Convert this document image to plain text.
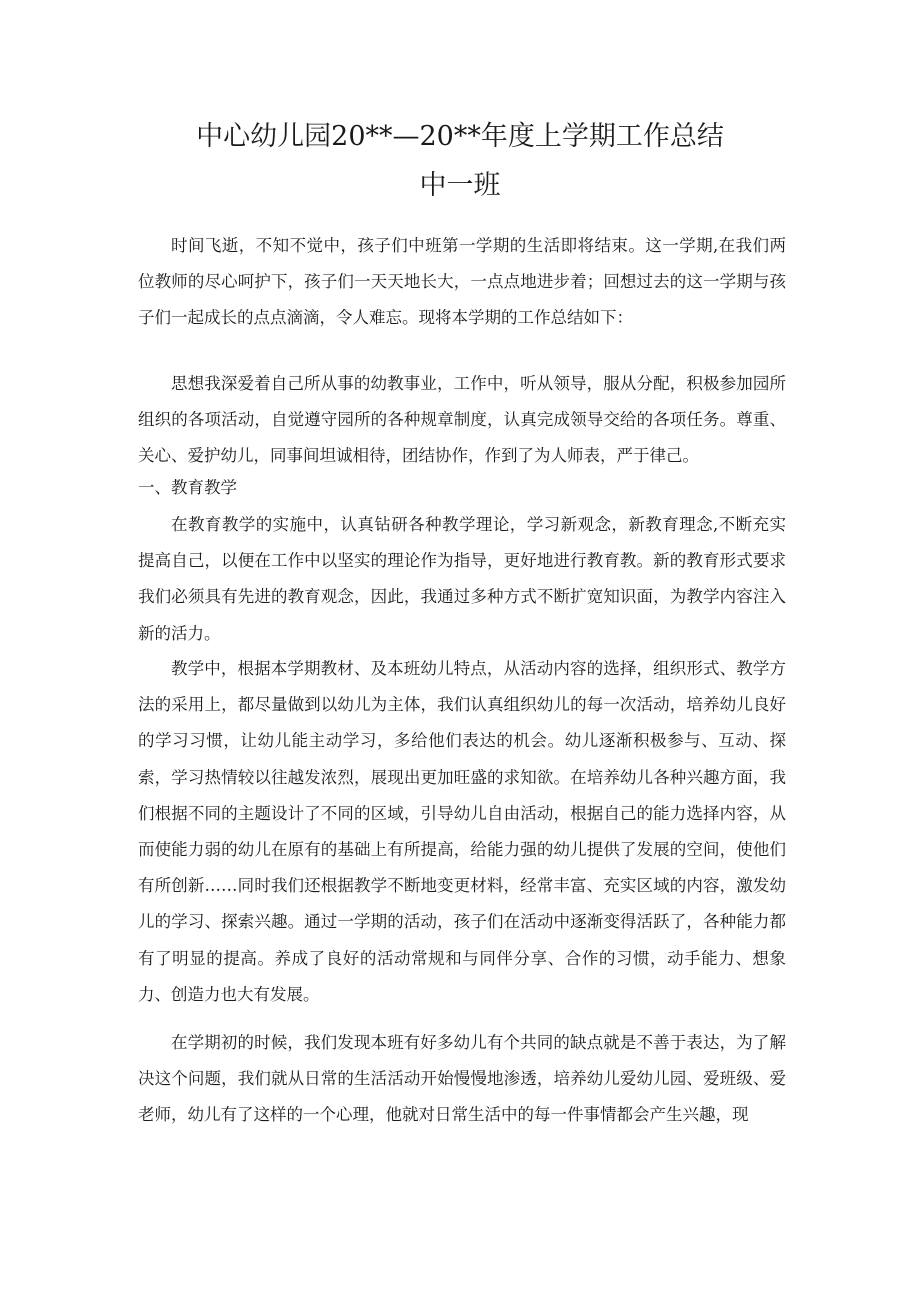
中心幼儿园20**—20**年度上学期工作总结
中一班

时间飞逝，不知不觉中，孩子们中班第一学期的生活即将结束。这一学期,在我们两位教师的尽心呵护下，孩子们一天天地长大，一点点地进步着；回想过去的这一学期与孩子们一起成长的点点滴滴，令人难忘。现将本学期的工作总结如下：

思想我深爱着自己所从事的幼教事业，工作中，听从领导，服从分配，积极参加园所组织的各项活动，自觉遵守园所的各种规章制度，认真完成领导交给的各项任务。尊重、关心、爱护幼儿，同事间坦诚相待，团结协作，作到了为人师表，严于律己。

一、教育教学

在教育教学的实施中，认真钻研各种教学理论，学习新观念，新教育理念,不断充实提高自己，以便在工作中以坚实的理论作为指导，更好地进行教育教。新的教育形式要求我们必须具有先进的教育观念，因此，我通过多种方式不断扩宽知识面，为教学内容注入新的活力。

教学中，根据本学期教材、及本班幼儿特点，从活动内容的选择，组织形式、教学方法的采用上，都尽量做到以幼儿为主体，我们认真组织幼儿的每一次活动，培养幼儿良好的学习习惯，让幼儿能主动学习，多给他们表达的机会。幼儿逐渐积极参与、互动、探索，学习热情较以往越发浓烈，展现出更加旺盛的求知欲。在培养幼儿各种兴趣方面，我们根据不同的主题设计了不同的区域，引导幼儿自由活动，根据自己的能力选择内容，从而使能力弱的幼儿在原有的基础上有所提高，给能力强的幼儿提供了发展的空间，使他们有所创新……同时我们还根据教学不断地变更材料，经常丰富、充实区域的内容，激发幼儿的学习、探索兴趣。通过一学期的活动，孩子们在活动中逐渐变得活跃了，各种能力都有了明显的提高。养成了良好的活动常规和与同伴分享、合作的习惯，动手能力、想象力、创造力也大有发展。

在学期初的时候，我们发现本班有好多幼儿有个共同的缺点就是不善于表达，为了解决这个问题，我们就从日常的生活活动开始慢慢地渗透，培养幼儿爱幼儿园、爱班级、爱老师，幼儿有了这样的一个心理，他就对日常生活中的每一件事情都会产生兴趣，现
